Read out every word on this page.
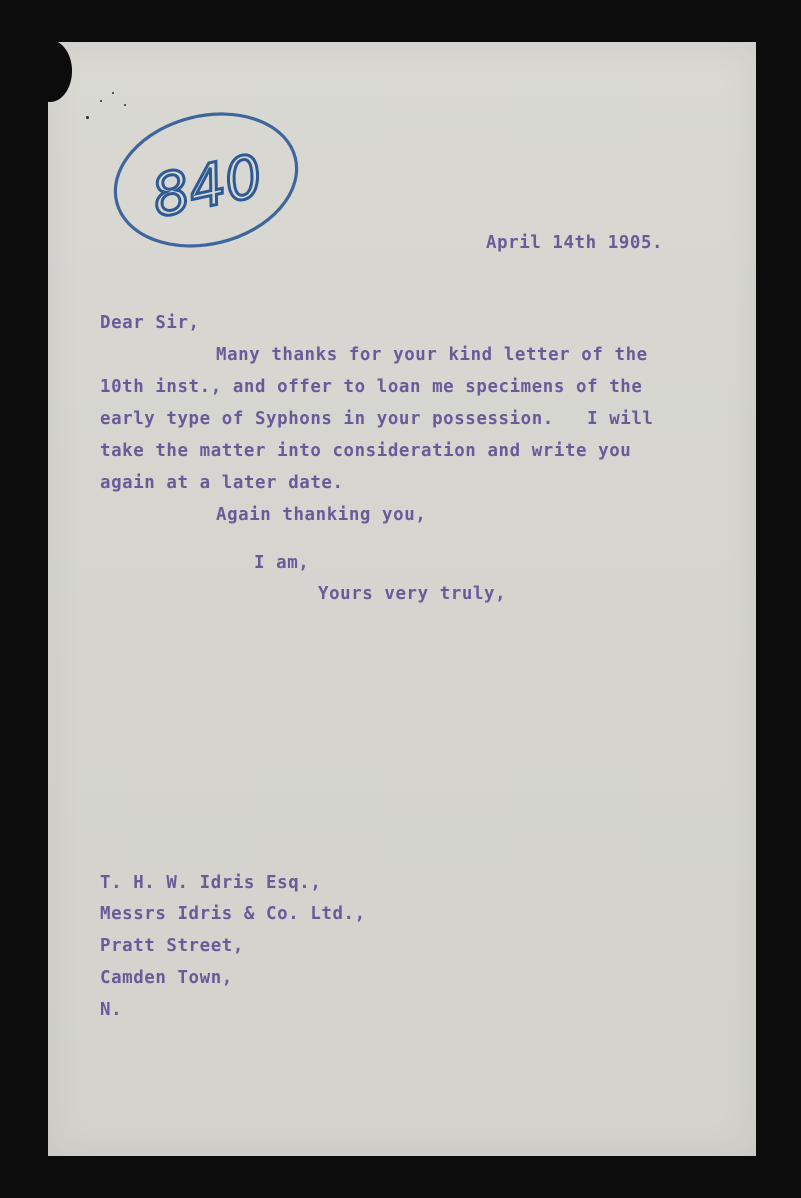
840

April 14th 1905.

Dear Sir,

Many thanks for your kind letter of the

10th inst., and offer to loan me specimens of the

early type of Syphons in your possession.   I will

take the matter into consideration and write you

again at a later date.

Again thanking you,

I am,

Yours very truly,

T. H. W. Idris Esq.,

Messrs Idris & Co. Ltd.,

Pratt Street,

Camden Town,

N.
